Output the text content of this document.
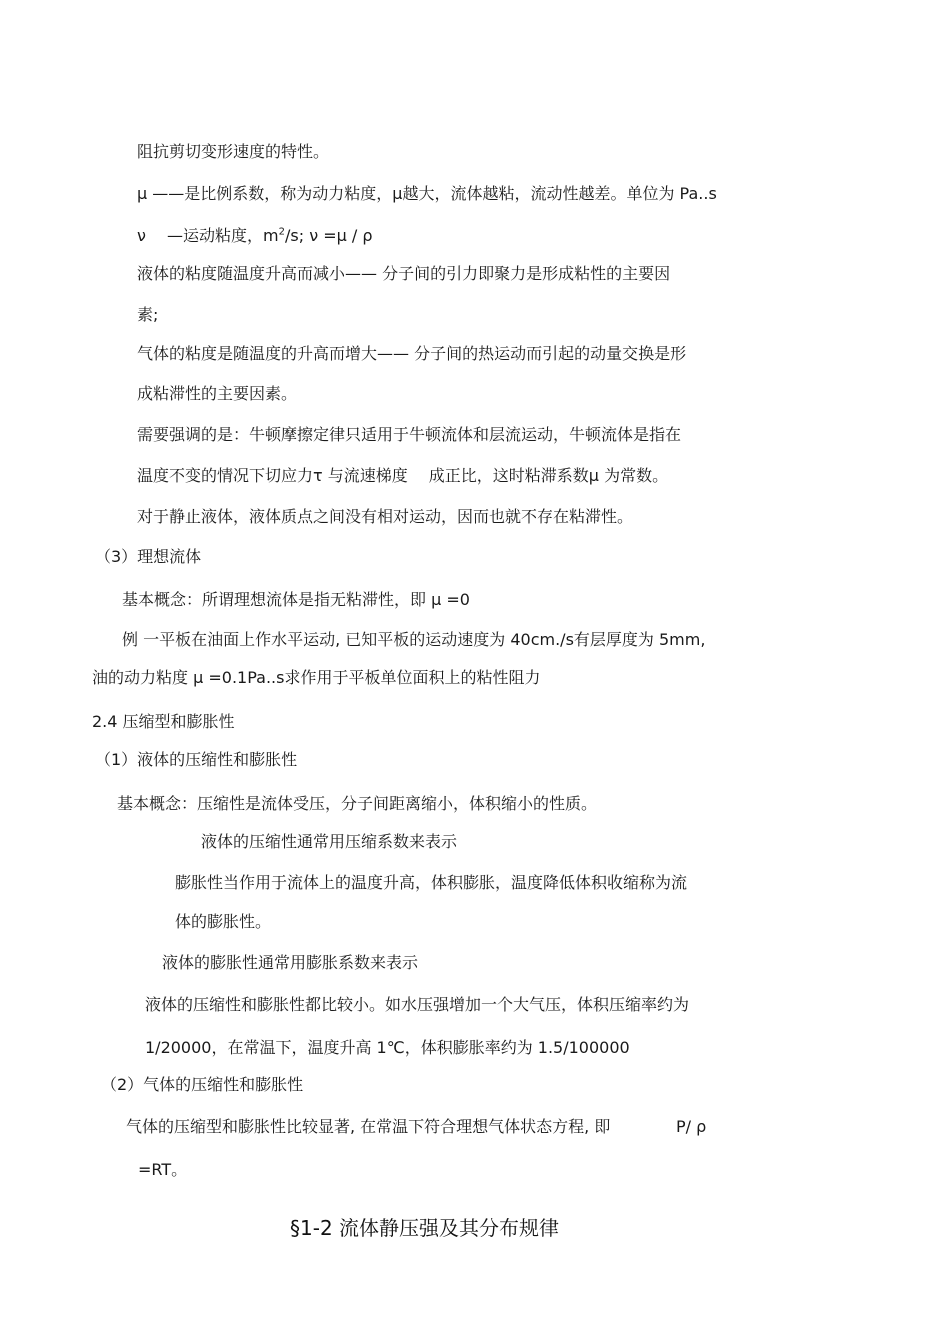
阻抗剪切变形速度的特性。
μ ——是比例系数，称为动力粘度，μ越大，流体越粘，流动性越差。单位为 Pa..s
ν　 —运动粘度，$m^2/s$; ν =μ / ρ
液体的粘度随温度升高而减小—— 分子间的引力即聚力是形成粘性的主要因
素;
气体的粘度是随温度的升高而增大—— 分子间的热运动而引起的动量交换是形
成粘滞性的主要因素。
需要强调的是：牛顿摩擦定律只适用于牛顿流体和层流运动，牛顿流体是指在
温度不变的情况下切应力τ 与流速梯度　 成正比，这时粘滞系数μ 为常数。
对于静止液体，液体质点之间没有相对运动，因而也就不存在粘滞性。
（3）理想流体
基本概念：所谓理想流体是指无粘滞性，即 μ =0
例 一平板在油面上作水平运动, 已知平板的运动速度为 40cm./s有层厚度为 5mm,
油的动力粘度 μ =0.1Pa..s求作用于平板单位面积上的粘性阻力
2.4 压缩型和膨胀性
（1）液体的压缩性和膨胀性
基本概念：压缩性是流体受压，分子间距离缩小，体积缩小的性质。
液体的压缩性通常用压缩系数来表示
膨胀性当作用于流体上的温度升高，体积膨胀，温度降低体积收缩称为流
体的膨胀性。
液体的膨胀性通常用膨胀系数来表示
液体的压缩性和膨胀性都比较小。如水压强增加一个大气压，体积压缩率约为
1/20000，在常温下，温度升高 1℃，体积膨胀率约为 1.5/100000
（2）气体的压缩性和膨胀性
气体的压缩型和膨胀性比较显著, 在常温下符合理想气体状态方程, 即	P/ ρ
=RT。
§1-2 流体静压强及其分布规律
